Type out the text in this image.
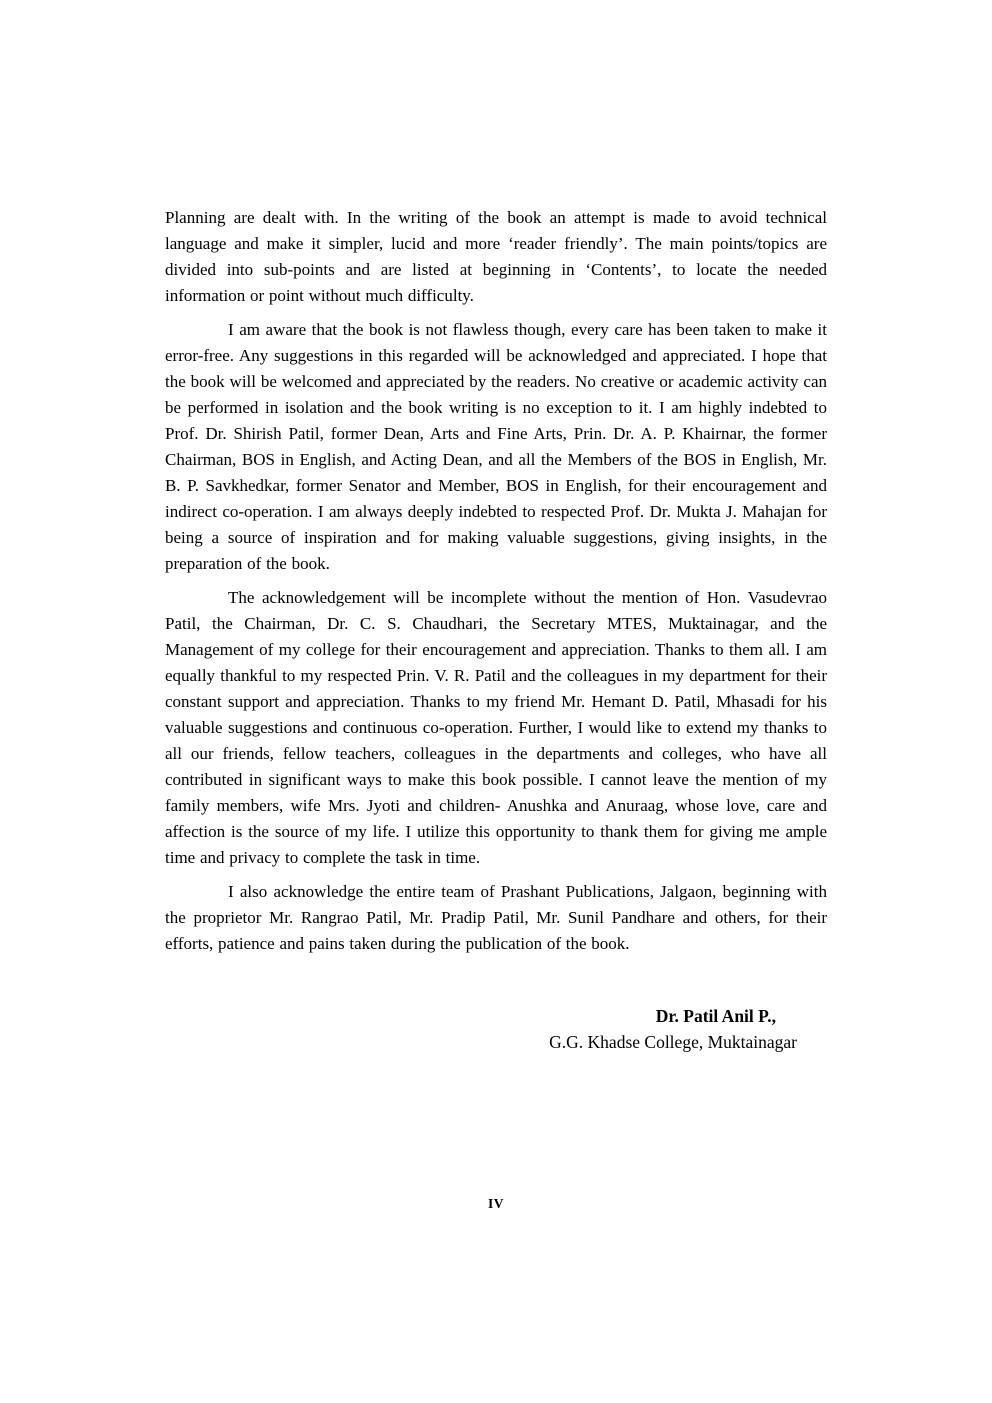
Planning are dealt with. In the writing of the book an attempt is made to avoid technical language and make it simpler, lucid and more ‘reader friendly’. The main points/topics are divided into sub-points and are listed at beginning in ‘Contents’, to locate the needed information or point without much difficulty.

I am aware that the book is not flawless though, every care has been taken to make it error-free. Any suggestions in this regarded will be acknowledged and appreciated. I hope that the book will be welcomed and appreciated by the readers. No creative or academic activity can be performed in isolation and the book writing is no exception to it. I am highly indebted to Prof. Dr. Shirish Patil, former Dean, Arts and Fine Arts, Prin. Dr. A. P. Khairnar, the former Chairman, BOS in English, and Acting Dean, and all the Members of the BOS in English, Mr. B. P. Savkhedkar, former Senator and Member, BOS in English, for their encouragement and indirect co-operation. I am always deeply indebted to respected Prof. Dr. Mukta J. Mahajan for being a source of inspiration and for making valuable suggestions, giving insights, in the preparation of the book.

The acknowledgement will be incomplete without the mention of Hon. Vasudevrao Patil, the Chairman, Dr. C. S. Chaudhari, the Secretary MTES, Muktainagar, and the Management of my college for their encouragement and appreciation. Thanks to them all. I am equally thankful to my respected Prin. V. R. Patil and the colleagues in my department for their constant support and appreciation. Thanks to my friend Mr. Hemant D. Patil, Mhasadi for his valuable suggestions and continuous co-operation. Further, I would like to extend my thanks to all our friends, fellow teachers, colleagues in the departments and colleges, who have all contributed in significant ways to make this book possible. I cannot leave the mention of my family members, wife Mrs. Jyoti and children- Anushka and Anuraag, whose love, care and affection is the source of my life. I utilize this opportunity to thank them for giving me ample time and privacy to complete the task in time.

I also acknowledge the entire team of Prashant Publications, Jalgaon, beginning with the proprietor Mr. Rangrao Patil, Mr. Pradip Patil, Mr. Sunil Pandhare and others, for their efforts, patience and pains taken during the publication of the book.

Dr. Patil Anil P.,
G.G. Khadse College, Muktainagar
IV
